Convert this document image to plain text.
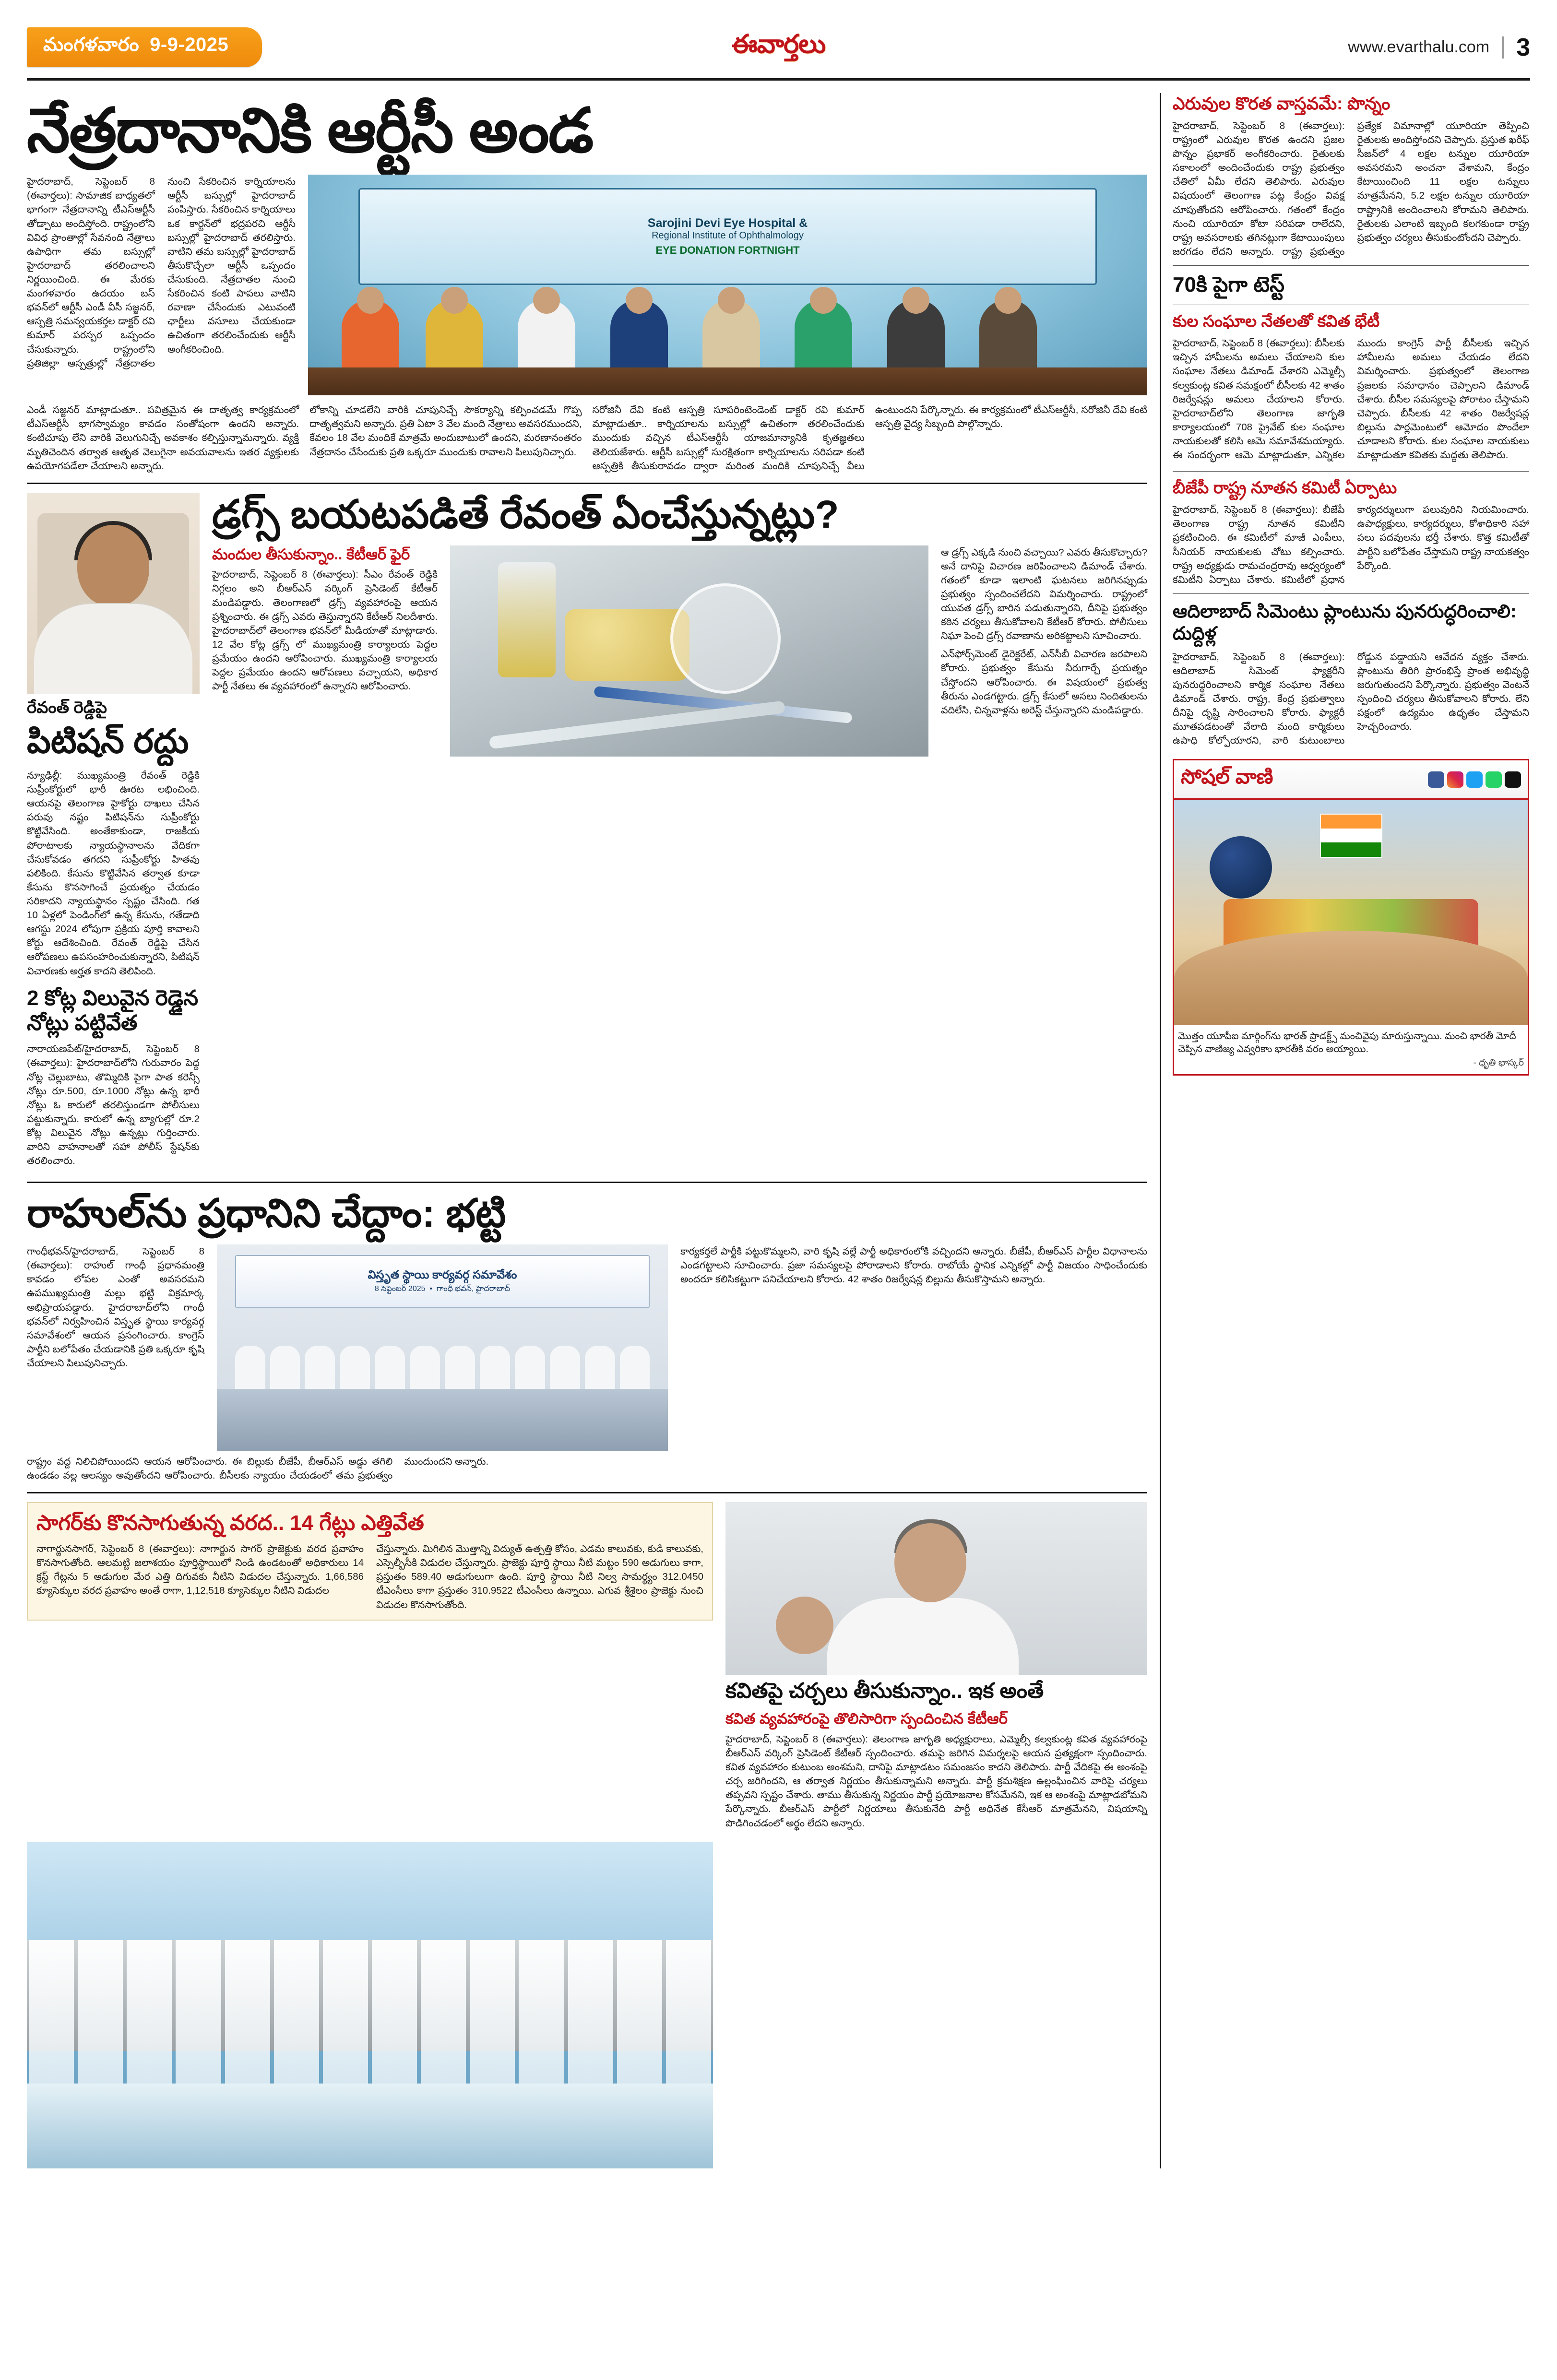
మంగళవారం 9-9-2025	ఈవార్తలు	www.evarthalu.com 3
నేత్రదానానికి ఆర్టీసీ అండ

హైదరాబాద్, సెప్టెంబర్ 8 (ఈవార్తలు): సామాజిక బాధ్యతలో భాగంగా నేత్రదానాన్ని టీఎస్‌ఆర్టీసీ తోడ్పాటు అందిస్తోంది. రాష్ట్రంలోని వివిధ ప్రాంతాల్లో సేవనంది నేత్రాలు ఉపాధిగా తమ బస్సుల్లో హైదరాబాద్ తరలించాలని నిర్ణయించింది. ఈ మేరకు మంగళవారం ఉదయం బస్ భవన్‌లో ఆర్టీసీ ఎండీ వీసీ సజ్జనర్, ఆస్పత్రి సమన్వయకర్తల డాక్టర్ రవి కుమార్ పరస్పర ఒప్పందం చేసుకున్నారు. రాష్ట్రంలోని ప్రతిజిల్లా ఆస్పత్రుల్లో నేత్రదాతల నుంచి సేకరించిన కార్నియాలను ఆర్టీసీ బస్సుల్లో హైదరాబాద్ పంపిస్తారు. సేకరించిన కార్నియాలు ఒక కార్టన్‌లో భద్రపరచి ఆర్టీసీ బస్సుల్లో హైదరాబాద్ తరలిస్తారు. వాటిని తమ బస్సుల్లో హైదరాబాద్ తీసుకొచ్చేలా ఆర్టీసీ ఒప్పందం చేసుకుంది. నేత్రదాతల నుంచి సేకరించిన కంటి పాపలు వాటిని రవాణా చేసేందుకు ఎటువంటి ఛార్జీలు వసూలు చేయకుండా ఉచితంగా తరలించేందుకు ఆర్టీసీ అంగీకరించింది.

Sarojini Devi Eye Hospital &
Regional Institute of Ophthalmology
EYE DONATION FORTNIGHT

ఎండీ సజ్జనర్ మాట్లాడుతూ.. పవిత్రమైన ఈ దాతృత్వ కార్యక్రమంలో టీఎస్‌ఆర్టీసీ భాగస్వామ్యం కావడం సంతోషంగా ఉందని అన్నారు. కంటిచూపు లేని వారికి వెలుగునిచ్చే అవకాశం కల్పిస్తున్నామన్నారు. వ్యక్తి మృతిచెందిన తర్వాత ఆతృత వెలుగైనా అవయవాలను ఇతర వ్యక్తులకు ఉపయోగపడేలా చేయాలని అన్నారు.

లోకాన్ని చూడలేని వారికి చూపునిచ్చే సౌకర్యాన్ని కల్పించడమే గొప్ప దాతృత్వమని అన్నారు. ప్రతి ఏటా 3 వేల మంది నేత్రాలు అవసరముందని, కేవలం 18 వేల మందికే మాత్రమే అందుబాటులో ఉందని, మరణానంతరం నేత్రదానం చేసేందుకు ప్రతి ఒక్కరూ ముందుకు రావాలని పిలుపునిచ్చారు.

సరోజినీ దేవి కంటి ఆస్పత్రి సూపరింటెండెంట్ డాక్టర్ రవి కుమార్ మాట్లాడుతూ.. కార్నియాలను బస్సుల్లో ఉచితంగా తరలించేందుకు ముందుకు వచ్చిన టీఎస్‌ఆర్టీసీ యాజమాన్యానికి కృతజ్ఞతలు తెలియజేశారు. ఆర్టీసీ బస్సుల్లో సురక్షితంగా కార్నియాలను సరిపడా కంటి ఆస్పత్రికి తీసుకురావడం ద్వారా మరింత మందికి చూపునిచ్చే వీలు ఉంటుందని పేర్కొన్నారు. ఈ కార్యక్రమంలో టీఎస్‌ఆర్టీసీ, సరోజినీ దేవి కంటి ఆస్పత్రి వైద్య సిబ్బంది పాల్గొన్నారు.

రేవంత్ రెడ్డిపై
పిటిషన్ రద్దు

న్యూఢిల్లీ: ముఖ్యమంత్రి రేవంత్ రెడ్డికి సుప్రీంకోర్టులో భారీ ఊరట లభించింది. ఆయనపై తెలంగాణ హైకోర్టు దాఖలు చేసిన పరువు నష్టం పిటిషన్‌ను సుప్రీంకోర్టు కొట్టివేసింది. అంతేకాకుండా, రాజకీయ పోరాటాలకు న్యాయస్థానాలను వేదికగా చేసుకోవడం తగదని సుప్రీంకోర్టు హితవు పలికింది. కేసును కొట్టివేసిన తర్వాత కూడా కేసును కొనసాగించే ప్రయత్నం చేయడం సరికాదని న్యాయస్థానం స్పష్టం చేసింది. గత 10 ఏళ్లలో పెండింగ్‌లో ఉన్న కేసును, గతేడాది ఆగస్టు 2024 లోపుగా ప్రక్రియ పూర్తి కావాలని కోర్టు ఆదేశించింది. రేవంత్ రెడ్డిపై చేసిన ఆరోపణలు ఉపసంహరించుకున్నారని, పిటిషన్ విచారణకు అర్హత కాదని తెలిపింది.

2 కోట్ల విలువైన రెడ్డైన నోట్లు పట్టివేత

నారాయణపేట్/హైదరాబాద్, సెప్టెంబర్ 8 (ఈవార్తలు): హైదరాబాద్‌లోని గురువారం పెద్ద నోట్ల చెల్లుబాటు, తొమ్మిదికి పైగా పాత కరెన్సీ నోట్లు రూ.500, రూ.1000 నోట్లు ఉన్న భారీ నోట్లు ఓ కారులో తరలిస్తుండగా పోలీసులు పట్టుకున్నారు. కారులో ఉన్న బ్యాగుల్లో రూ.2 కోట్ల విలువైన నోట్లు ఉన్నట్లు గుర్తించారు. వారిని వాహనాలతో సహా పోలీస్ స్టేషన్‌కు తరలించారు.

డ్రగ్స్ బయటపడితే రేవంత్ ఏంచేస్తున్నట్లు?
మందుల తీసుకున్నాం.. కేటీఆర్ ఫైర్

హైదరాబాద్, సెప్టెంబర్ 8 (ఈవార్తలు): సీఎం రేవంత్ రెడ్డికి నిగ్గలం అని బీఆర్ఎస్ వర్కింగ్ ప్రెసిడెంట్ కేటీఆర్ మండిపడ్డారు. తెలంగాణలో డ్రగ్స్ వ్యవహారంపై ఆయన ప్రశ్నించారు. ఈ డ్రగ్స్ ఎవరు తెస్తున్నారని కేటీఆర్ నిలదీశారు. హైదరాబాద్‌లో తెలంగాణ భవన్‌లో మీడియాతో మాట్లాడారు. 12 వేల కోట్ల డ్రగ్స్ లో ముఖ్యమంత్రి కార్యాలయ పెద్దల ప్రమేయం ఉందని ఆరోపించారు. ముఖ్యమంత్రి కార్యాలయ పెద్దల ప్రమేయం ఉందని ఆరోపణలు వచ్చాయని, అధికార పార్టీ నేతలు ఈ వ్యవహారంలో ఉన్నారని ఆరోపించారు.

ఆ డ్రగ్స్ ఎక్కడి నుంచి వచ్చాయి? ఎవరు తీసుకొచ్చారు? అనే దానిపై విచారణ జరిపించాలని డిమాండ్ చేశారు. గతంలో కూడా ఇలాంటి ఘటనలు జరిగినప్పుడు ప్రభుత్వం స్పందించలేదని విమర్శించారు. రాష్ట్రంలో యువత డ్రగ్స్ బారిన పడుతున్నారని, దీనిపై ప్రభుత్వం కఠిన చర్యలు తీసుకోవాలని కేటీఆర్ కోరారు. పోలీసులు నిఘా పెంచి డ్రగ్స్ రవాణాను అరికట్టాలని సూచించారు.

ఎన్‌ఫోర్స్‌మెంట్ డైరెక్టరేట్, ఎన్‌సీబీ విచారణ జరపాలని కోరారు. ప్రభుత్వం కేసును నీరుగార్చే ప్రయత్నం చేస్తోందని ఆరోపించారు. ఈ విషయంలో ప్రభుత్వ తీరును ఎండగట్టారు. డ్రగ్స్ కేసులో అసలు నిందితులను వదిలేసి, చిన్నవాళ్లను అరెస్ట్ చేస్తున్నారని మండిపడ్డారు.

రాహుల్‌ను ప్రధానిని చేద్దాం: భట్టి

గాంధీభవన్/హైదరాబాద్, సెప్టెంబర్ 8 (ఈవార్తలు): రాహుల్ గాంధీ ప్రధానమంత్రి కావడం లోపల ఎంతో అవసరమని ఉపముఖ్యమంత్రి మల్లు భట్టి విక్రమార్క అభిప్రాయపడ్డారు. హైదరాబాద్‌లోని గాంధీ భవన్‌లో నిర్వహించిన విస్తృత స్థాయి కార్యవర్గ సమావేశంలో ఆయన ప్రసంగించారు. కాంగ్రెస్ పార్టీని బలోపేతం చేయడానికి ప్రతి ఒక్కరూ కృషి చేయాలని పిలుపునిచ్చారు.

విస్తృత స్థాయి కార్యవర్గ సమావేశం
8 సెప్టెంబర్ 2025  •  గాంధీ భవన్, హైదరాబాద్

కార్యకర్తలే పార్టీకి పట్టుకొమ్మలని, వారి కృషి వల్లే పార్టీ అధికారంలోకి వచ్చిందని అన్నారు. బీజేపీ, బీఆర్ఎస్ పార్టీల విధానాలను ఎండగట్టాలని సూచించారు. ప్రజా సమస్యలపై పోరాడాలని కోరారు. రాబోయే స్థానిక ఎన్నికల్లో పార్టీ విజయం సాధించేందుకు అందరూ కలిసికట్టుగా పనిచేయాలని కోరారు. 42 శాతం రిజర్వేషన్ల బిల్లును తీసుకొస్తామని అన్నారు.

రాష్ట్రం వద్ద నిలిచిపోయిందని ఆయన ఆరోపించారు. ఈ బిల్లుకు బీజేపీ, బీఆర్ఎస్ అడ్డు తగిలి ఉండడం వల్ల ఆలస్యం అవుతోందని ఆరోపించారు. బీసీలకు న్యాయం చేయడంలో తమ ప్రభుత్వం ముందుందని అన్నారు.

సాగర్‌కు కొనసాగుతున్న వరద.. 14 గేట్లు ఎత్తివేత

నాగార్జునసాగర్, సెప్టెంబర్ 8 (ఈవార్తలు): నాగార్జున సాగర్ ప్రాజెక్టుకు వరద ప్రవాహం కొనసాగుతోంది. ఆలమట్టి జలాశయం పూర్తిస్థాయిలో నిండి ఉండటంతో అధికారులు 14 క్రస్ట్ గేట్లను 5 అడుగుల మేర ఎత్తి దిగువకు నీటిని విడుదల చేస్తున్నారు. 1,66,586 క్యూసెక్కుల వరద ప్రవాహం అంతే రాగా, 1,12,518 క్యూసెక్కుల నీటిని విడుదల

చేస్తున్నారు. మిగిలిన మొత్తాన్ని విద్యుత్ ఉత్పత్తి కోసం, ఎడమ కాలువకు, కుడి కాలువకు, ఎస్సెల్బీసీకి విడుదల చేస్తున్నారు. ప్రాజెక్టు పూర్తి స్థాయి నీటి మట్టం 590 అడుగులు కాగా, ప్రస్తుతం 589.40 అడుగులుగా ఉంది. పూర్తి స్థాయి నీటి నిల్వ సామర్థ్యం 312.0450 టీఎంసీలు కాగా ప్రస్తుతం 310.9522 టీఎంసీలు ఉన్నాయి. ఎగువ శ్రీశైలం ప్రాజెక్టు నుంచి విడుదల కొనసాగుతోంది.

కవితపై చర్చలు తీసుకున్నాం.. ఇక అంతే
కవిత వ్యవహారంపై తొలిసారిగా స్పందించిన కేటీఆర్

హైదరాబాద్, సెప్టెంబర్ 8 (ఈవార్తలు): తెలంగాణ జాగృతి అధ్యక్షురాలు, ఎమ్మెల్సీ కల్వకుంట్ల కవిత వ్యవహారంపై బీఆర్ఎస్ వర్కింగ్ ప్రెసిడెంట్ కేటీఆర్ స్పందించారు. తమపై జరిగిన విమర్శలపై ఆయన ప్రత్యక్షంగా స్పందించారు. కవిత వ్యవహారం కుటుంబ అంశమని, దానిపై మాట్లాడటం సమంజసం కాదని తెలిపారు. పార్టీ వేదికపై ఈ అంశంపై చర్చ జరిగిందని, ఆ తర్వాత నిర్ణయం తీసుకున్నామని అన్నారు. పార్టీ క్రమశిక్షణ ఉల్లంఘించిన వారిపై చర్యలు తప్పవని స్పష్టం చేశారు. తాము తీసుకున్న నిర్ణయం పార్టీ ప్రయోజనాల కోసమేనని, ఇక ఆ అంశంపై మాట్లాడబోమని పేర్కొన్నారు. బీఆర్ఎస్ పార్టీలో నిర్ణయాలు తీసుకునేది పార్టీ అధినేత కేసీఆర్ మాత్రమేనని, విషయాన్ని పొడిగించడంలో అర్థం లేదని అన్నారు.

ఎరువుల కొరత వాస్తవమే: పొన్నం

హైదరాబాద్, సెప్టెంబర్ 8 (ఈవార్తలు): రాష్ట్రంలో ఎరువుల కొరత ఉందని ప్రజల పొన్నం ప్రభాకర్ అంగీకరించారు. రైతులకు సకాలంలో అందించేందుకు రాష్ట్ర ప్రభుత్వం చేతిలో ఏమీ లేదని తెలిపారు. ఎరువుల విషయంలో తెలంగాణ పట్ల కేంద్రం వివక్ష చూపుతోందని ఆరోపించారు. గతంలో కేంద్రం నుంచి యూరియా కోటా సరిపడా రాలేదని, రాష్ట్ర అవసరాలకు తగినట్లుగా కేటాయింపులు జరగడం లేదని అన్నారు. రాష్ట్ర ప్రభుత్వం ప్రత్యేక విమానాల్లో యూరియా తెప్పించి రైతులకు అందిస్తోందని చెప్పారు. ప్రస్తుత ఖరీఫ్ సీజన్‌లో 4 లక్షల టన్నుల యూరియా అవసరమని అంచనా వేశామని, కేంద్రం కేటాయించింది 11 లక్షల టన్నులు మాత్రమేనని, 5.2 లక్షల టన్నుల యూరియా రాష్ట్రానికి అందించాలని కోరామని తెలిపారు. రైతులకు ఎలాంటి ఇబ్బంది కలగకుండా రాష్ట్ర ప్రభుత్వం చర్యలు తీసుకుంటోందని చెప్పారు.

70కి పైగా టెస్ట్
కుల సంఘాల నేతలతో కవిత భేటీ

హైదరాబాద్, సెప్టెంబర్ 8 (ఈవార్తలు): బీసీలకు ఇచ్చిన హామీలను అమలు చేయాలని కుల సంఘాల నేతలు డిమాండ్ చేశారని ఎమ్మెల్సీ కల్వకుంట్ల కవిత సమక్షంలో బీసీలకు 42 శాతం రిజర్వేషన్లు అమలు చేయాలని కోరారు. హైదరాబాద్‌లోని తెలంగాణ జాగృతి కార్యాలయంలో 708 ప్రైవేట్ కుల సంఘాల నాయకులతో కలిసి ఆమె సమావేశమయ్యారు. ఈ సందర్భంగా ఆమె మాట్లాడుతూ, ఎన్నికల ముందు కాంగ్రెస్ పార్టీ బీసీలకు ఇచ్చిన హామీలను అమలు చేయడం లేదని విమర్శించారు. ప్రభుత్వంలో తెలంగాణ ప్రజలకు సమాధానం చెప్పాలని డిమాండ్ చేశారు. బీసీల సమస్యలపై పోరాటం చేస్తామని చెప్పారు. బీసీలకు 42 శాతం రిజర్వేషన్ల బిల్లును పార్లమెంటులో ఆమోదం పొందేలా చూడాలని కోరారు. కుల సంఘాల నాయకులు మాట్లాడుతూ కవితకు మద్దతు తెలిపారు.

బీజేపీ రాష్ట్ర నూతన కమిటీ ఏర్పాటు

హైదరాబాద్, సెప్టెంబర్ 8 (ఈవార్తలు): బీజేపీ తెలంగాణ రాష్ట్ర నూతన కమిటీని ప్రకటించింది. ఈ కమిటీలో మాజీ ఎంపీలు, సీనియర్ నాయకులకు చోటు కల్పించారు. రాష్ట్ర అధ్యక్షుడు రామచంద్రరావు ఆధ్వర్యంలో కమిటీని ఏర్పాటు చేశారు. కమిటీలో ప్రధాన కార్యదర్శులుగా పలువురిని నియమించారు. ఉపాధ్యక్షులు, కార్యదర్శులు, కోశాధికారి సహా పలు పదవులను భర్తీ చేశారు. కొత్త కమిటీతో పార్టీని బలోపేతం చేస్తామని రాష్ట్ర నాయకత్వం పేర్కొంది.

ఆదిలాబాద్ సిమెంటు ప్లాంటును పునరుద్ధరించాలి: దుద్దిళ్ల

హైదరాబాద్, సెప్టెంబర్ 8 (ఈవార్తలు): ఆదిలాబాద్ సిమెంట్ ఫ్యాక్టరీని పునరుద్ధరించాలని కార్మిక సంఘాల నేతలు డిమాండ్ చేశారు. రాష్ట్ర, కేంద్ర ప్రభుత్వాలు దీనిపై దృష్టి సారించాలని కోరారు. ఫ్యాక్టరీ మూతపడటంతో వేలాది మంది కార్మికులు ఉపాధి కోల్పోయారని, వారి కుటుంబాలు రోడ్డున పడ్డాయని ఆవేదన వ్యక్తం చేశారు. ప్లాంటును తిరిగి ప్రారంభిస్తే ప్రాంత అభివృద్ధి జరుగుతుందని పేర్కొన్నారు. ప్రభుత్వం వెంటనే స్పందించి చర్యలు తీసుకోవాలని కోరారు. లేని పక్షంలో ఉద్యమం ఉధృతం చేస్తామని హెచ్చరించారు.

సోషల్ వాణి
మొత్తం యూపీఐ మార్గింగ్‌ను భారత్ ప్రాడక్ట్స్ మంచివైపు మారుస్తున్నాయి. మంచి భారతీ మోదీ చెప్పిన వాణిజ్య ఎవ్వరికాు భారతీకి వరం అయ్యాయి.
- ధృతి భాస్కర్
